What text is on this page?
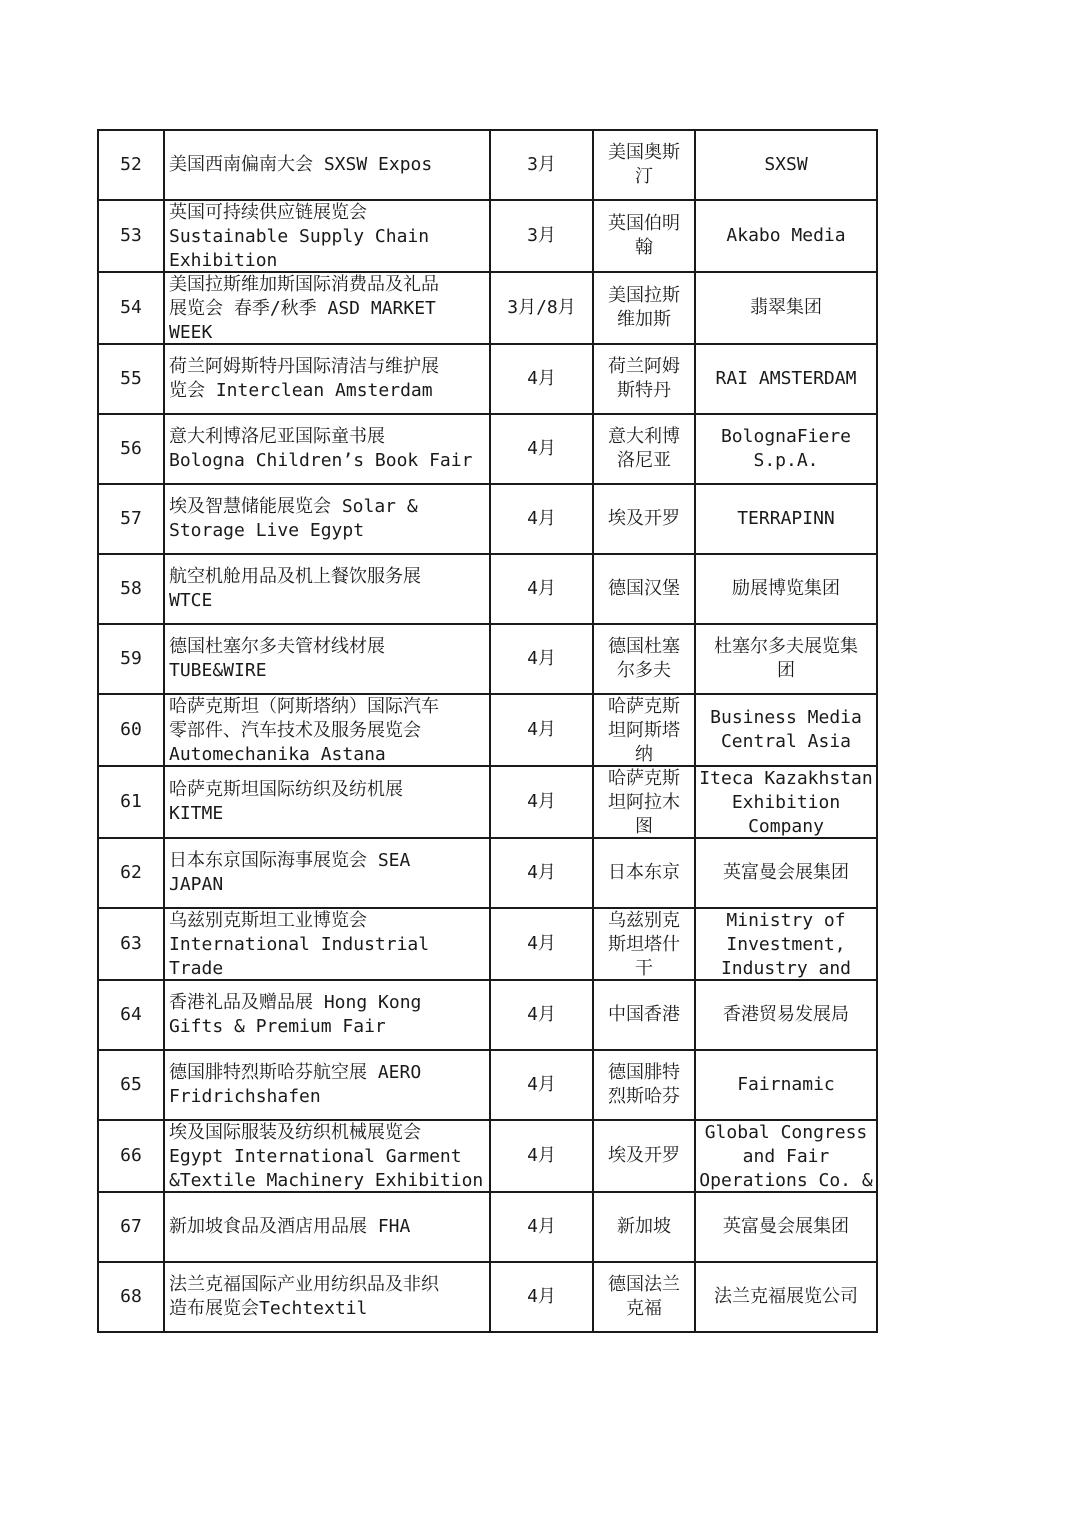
52	美国西南偏南大会 SXSW Expos	3月	美国奥斯
汀	SXSW

53	英国可持续供应链展览会
Sustainable Supply Chain
Exhibition	3月	英国伯明
翰	Akabo Media

54	美国拉斯维加斯国际消费品及礼品
展览会 春季/秋季 ASD MARKET
WEEK	3月/8月	美国拉斯
维加斯	翡翠集团

55	荷兰阿姆斯特丹国际清洁与维护展
览会 Interclean Amsterdam	4月	荷兰阿姆
斯特丹	RAI AMSTERDAM

56	意大利博洛尼亚国际童书展
Bologna Children’s Book Fair	4月	意大利博
洛尼亚	BolognaFiere
S.p.A.

57	埃及智慧储能展览会 Solar &
Storage Live Egypt	4月	埃及开罗	TERRAPINN

58	航空机舱用品及机上餐饮服务展
WTCE	4月	德国汉堡	励展博览集团

59	德国杜塞尔多夫管材线材展
TUBE&WIRE	4月	德国杜塞
尔多夫	杜塞尔多夫展览集
团

60	哈萨克斯坦（阿斯塔纳）国际汽车
零部件、汽车技术及服务展览会
Automechanika Astana	4月	哈萨克斯
坦阿斯塔
纳	Business Media
Central Asia

61	哈萨克斯坦国际纺织及纺机展
KITME	4月	哈萨克斯
坦阿拉木
图	Iteca Kazakhstan
Exhibition
Company

62	日本东京国际海事展览会 SEA
JAPAN	4月	日本东京	英富曼会展集团

63	乌兹别克斯坦工业博览会
International Industrial Trade	4月	乌兹别克
斯坦塔什
干	Ministry of
Investment,
Industry and

64	香港礼品及赠品展 Hong Kong
Gifts & Premium Fair	4月	中国香港	香港贸易发展局

65	德国腓特烈斯哈芬航空展 AERO
Fridrichshafen	4月	德国腓特
烈斯哈芬	Fairnamic

66	埃及国际服装及纺织机械展览会
Egypt International Garment
&Textile Machinery Exhibition	4月	埃及开罗	Global Congress
and Fair
Operations Co. &

67	新加坡食品及酒店用品展 FHA	4月	新加坡	英富曼会展集团

68	法兰克福国际产业用纺织品及非织
造布展览会Techtextil	4月	德国法兰
克福	法兰克福展览公司
